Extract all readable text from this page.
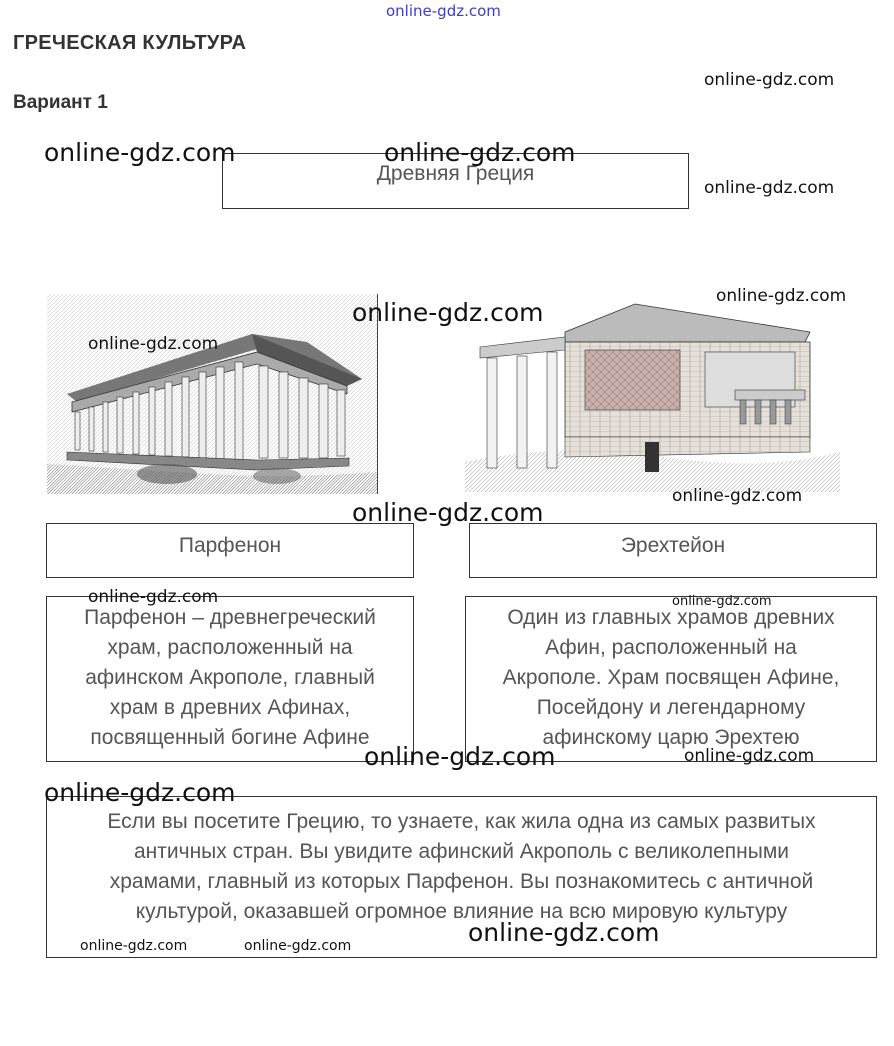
ГРЕЧЕСКАЯ КУЛЬТУРА
Вариант 1
Древняя Греция
Парфенон	Эрехтейон
Парфенон – древнегреческий
храм, расположенный на
афинском Акрополе, главный
храм в древних Афинах,
посвященный богине Афине
Один из главных храмов древних
Афин, расположенный на
Акрополе. Храм посвящен Афине,
Посейдону и легендарному
афинскому царю Эрехтею
Если вы посетите Грецию, то узнаете, как жила одна из самых развитых
античных стран. Вы увидите афинский Акрополь с великолепными
храмами, главный из которых Парфенон. Вы познакомитесь с античной
культурой, оказавшей огромное влияние на всю мировую культуру
online-gdz.com
online-gdz.com
online-gdz.com	online-gdz.com
online-gdz.com
online-gdz.com
online-gdz.com
online-gdz.com
online-gdz.com
online-gdz.com
online-gdz.com	online-gdz.com
online-gdz.com	online-gdz.com
online-gdz.com
online-gdz.com
online-gdz.com	online-gdz.com
